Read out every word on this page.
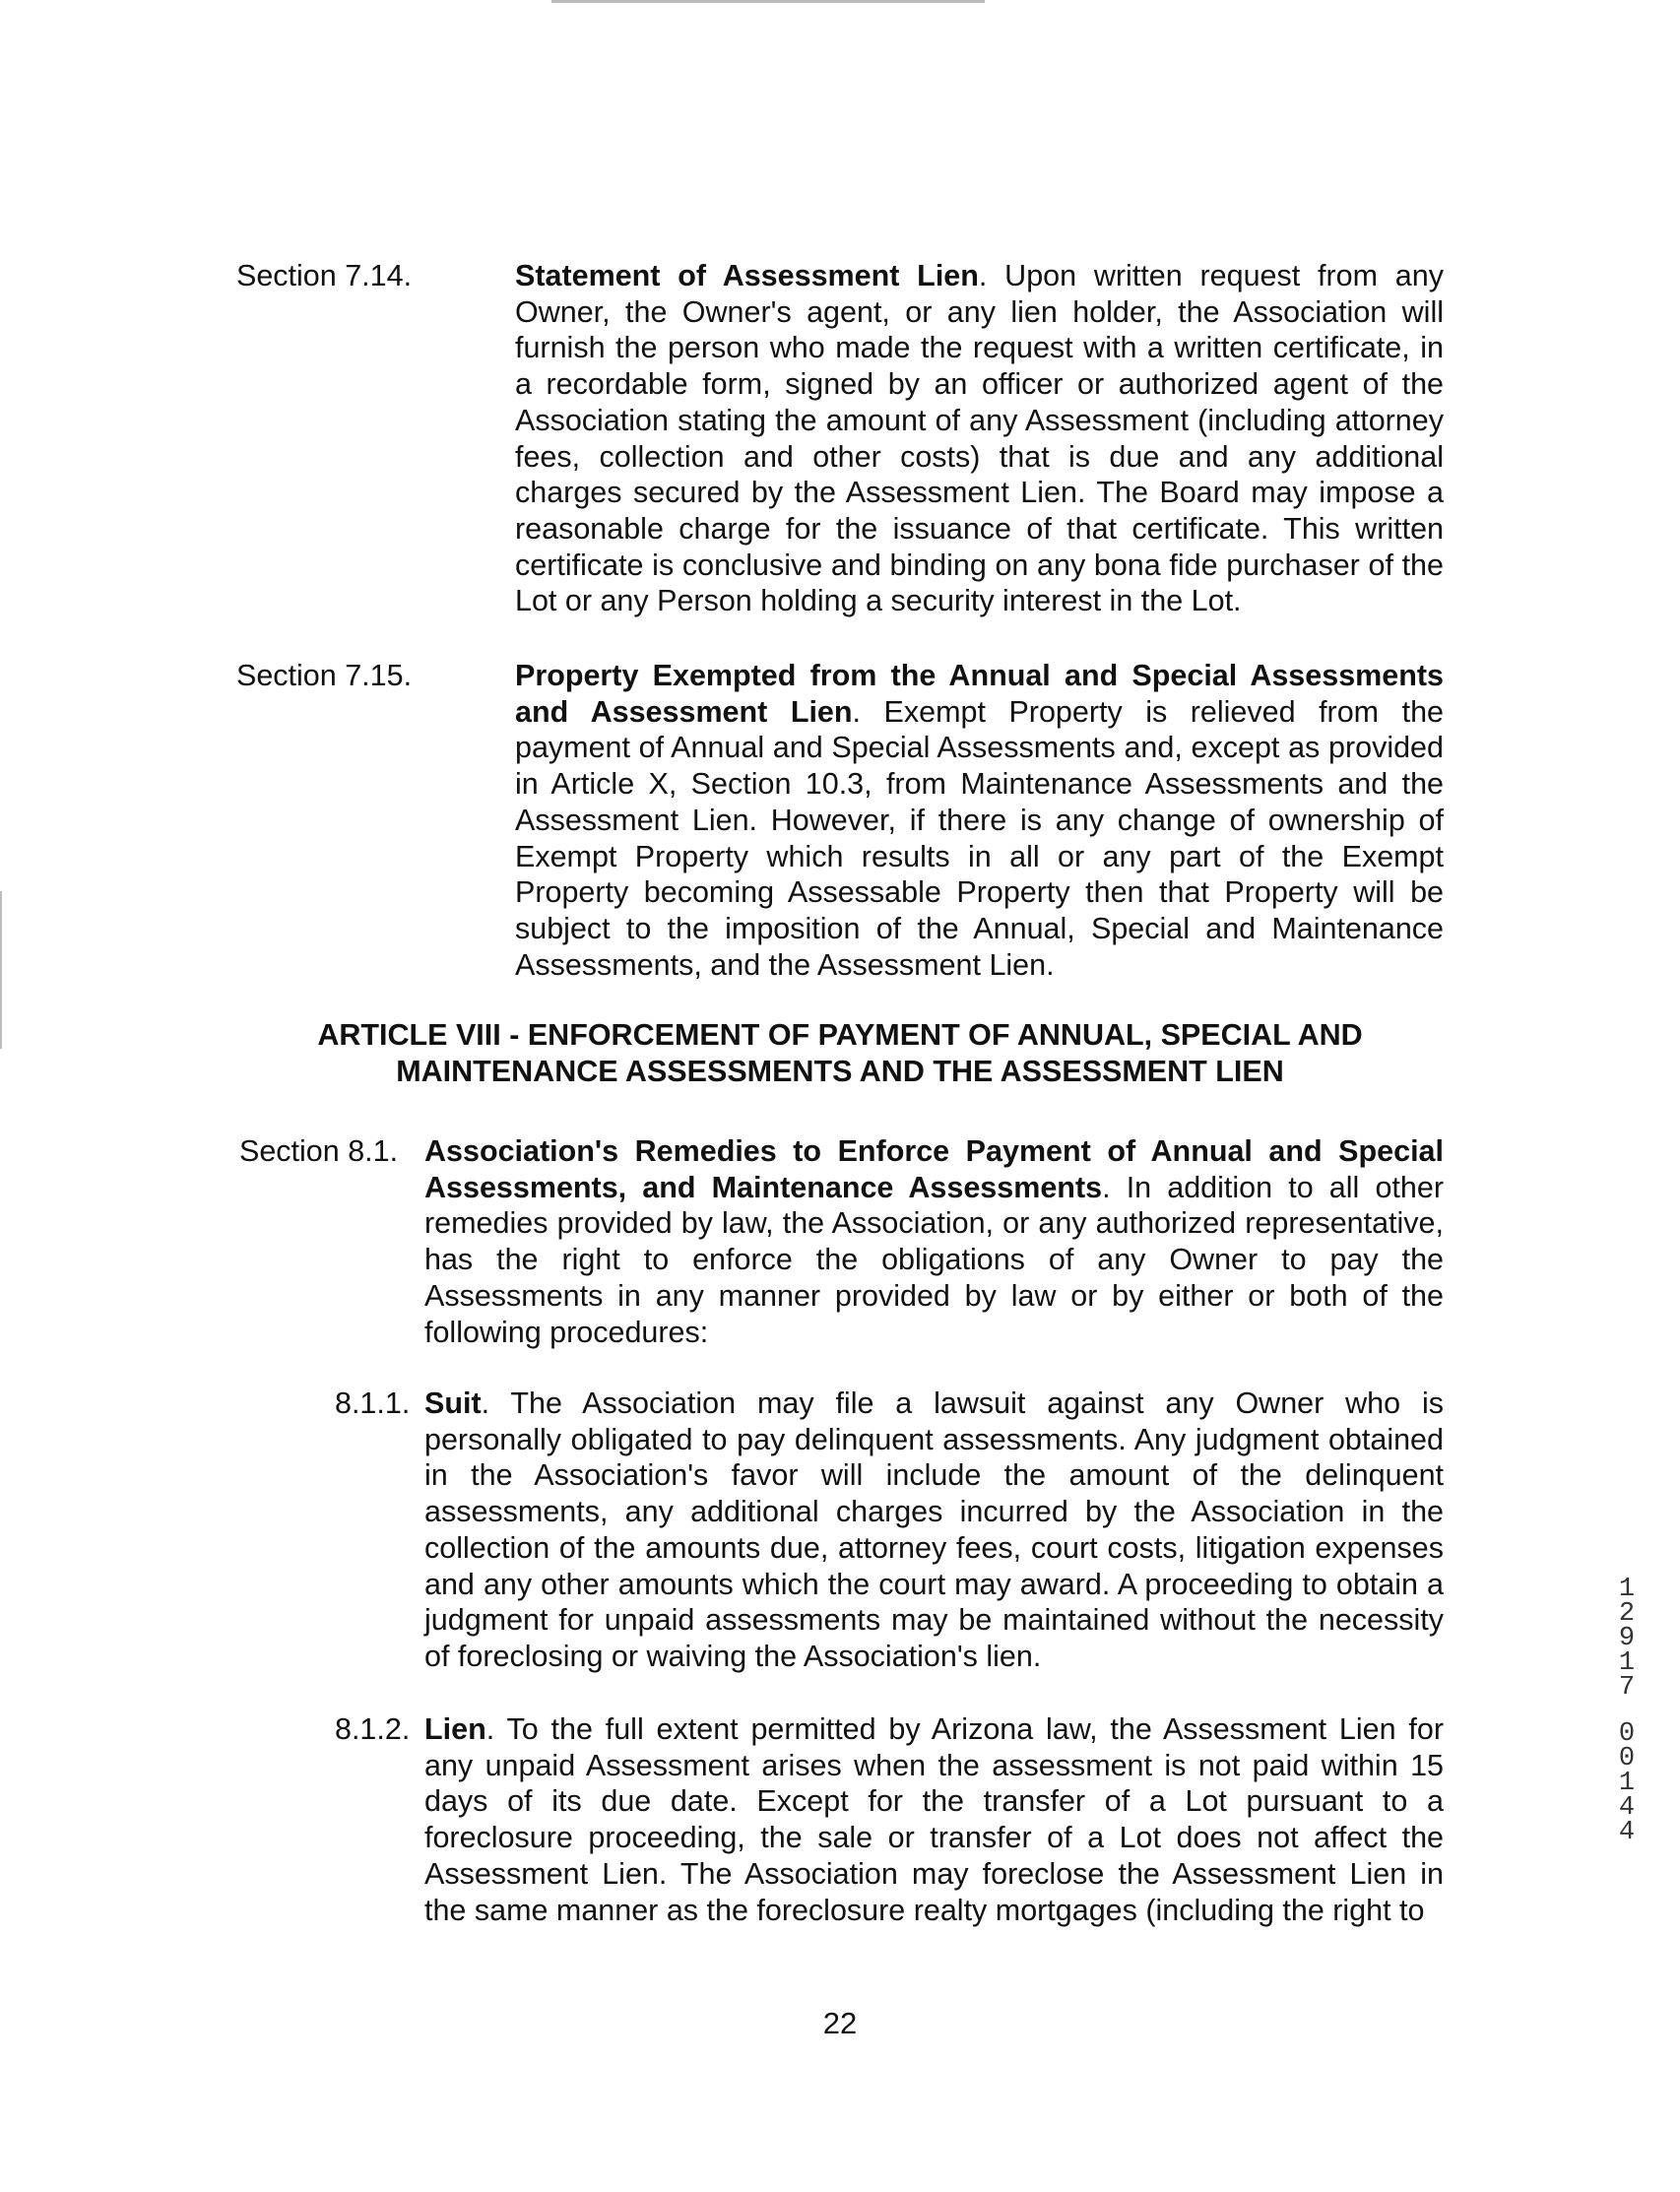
Section 7.14.	Statement of Assessment Lien. Upon written request from any Owner, the Owner's agent, or any lien holder, the Association will furnish the person who made the request with a written certificate, in a recordable form, signed by an officer or authorized agent of the Association stating the amount of any Assessment (including attorney fees, collection and other costs) that is due and any additional charges secured by the Assessment Lien. The Board may impose a reasonable charge for the issuance of that certificate. This written certificate is conclusive and binding on any bona fide purchaser of the Lot or any Person holding a security interest in the Lot.

Section 7.15.	Property Exempted from the Annual and Special Assessments and Assessment Lien. Exempt Property is relieved from the payment of Annual and Special Assessments and, except as provided in Article X, Section 10.3, from Maintenance Assessments and the Assessment Lien. However, if there is any change of ownership of Exempt Property which results in all or any part of the Exempt Property becoming Assessable Property then that Property will be subject to the imposition of the Annual, Special and Maintenance Assessments, and the Assessment Lien.

ARTICLE VIII - ENFORCEMENT OF PAYMENT OF ANNUAL, SPECIAL AND
MAINTENANCE ASSESSMENTS AND THE ASSESSMENT LIEN
Section 8.1. Association's Remedies to Enforce Payment of Annual and Special Assessments, and Maintenance Assessments. In addition to all other remedies provided by law, the Association, or any authorized representative, has the right to enforce the obligations of any Owner to pay the Assessments in any manner provided by law or by either or both of the following procedures:

8.1.1. Suit. The Association may file a lawsuit against any Owner who is personally obligated to pay delinquent assessments. Any judgment obtained in the Association's favor will include the amount of the delinquent assessments, any additional charges incurred by the Association in the collection of the amounts due, attorney fees, court costs, litigation expenses and any other amounts which the court may award. A proceeding to obtain a judgment for unpaid assessments may be maintained without the necessity of foreclosing or waiving the Association's lien.

8.1.2. Lien. To the full extent permitted by Arizona law, the Assessment Lien for any unpaid Assessment arises when the assessment is not paid within 15 days of its due date. Except for the transfer of a Lot pursuant to a foreclosure proceeding, the sale or transfer of a Lot does not affect the Assessment Lien. The Association may foreclose the Assessment Lien in the same manner as the foreclosure realty mortgages (including the right to

22
1
2
9
1
7
0
0
1
4
4
